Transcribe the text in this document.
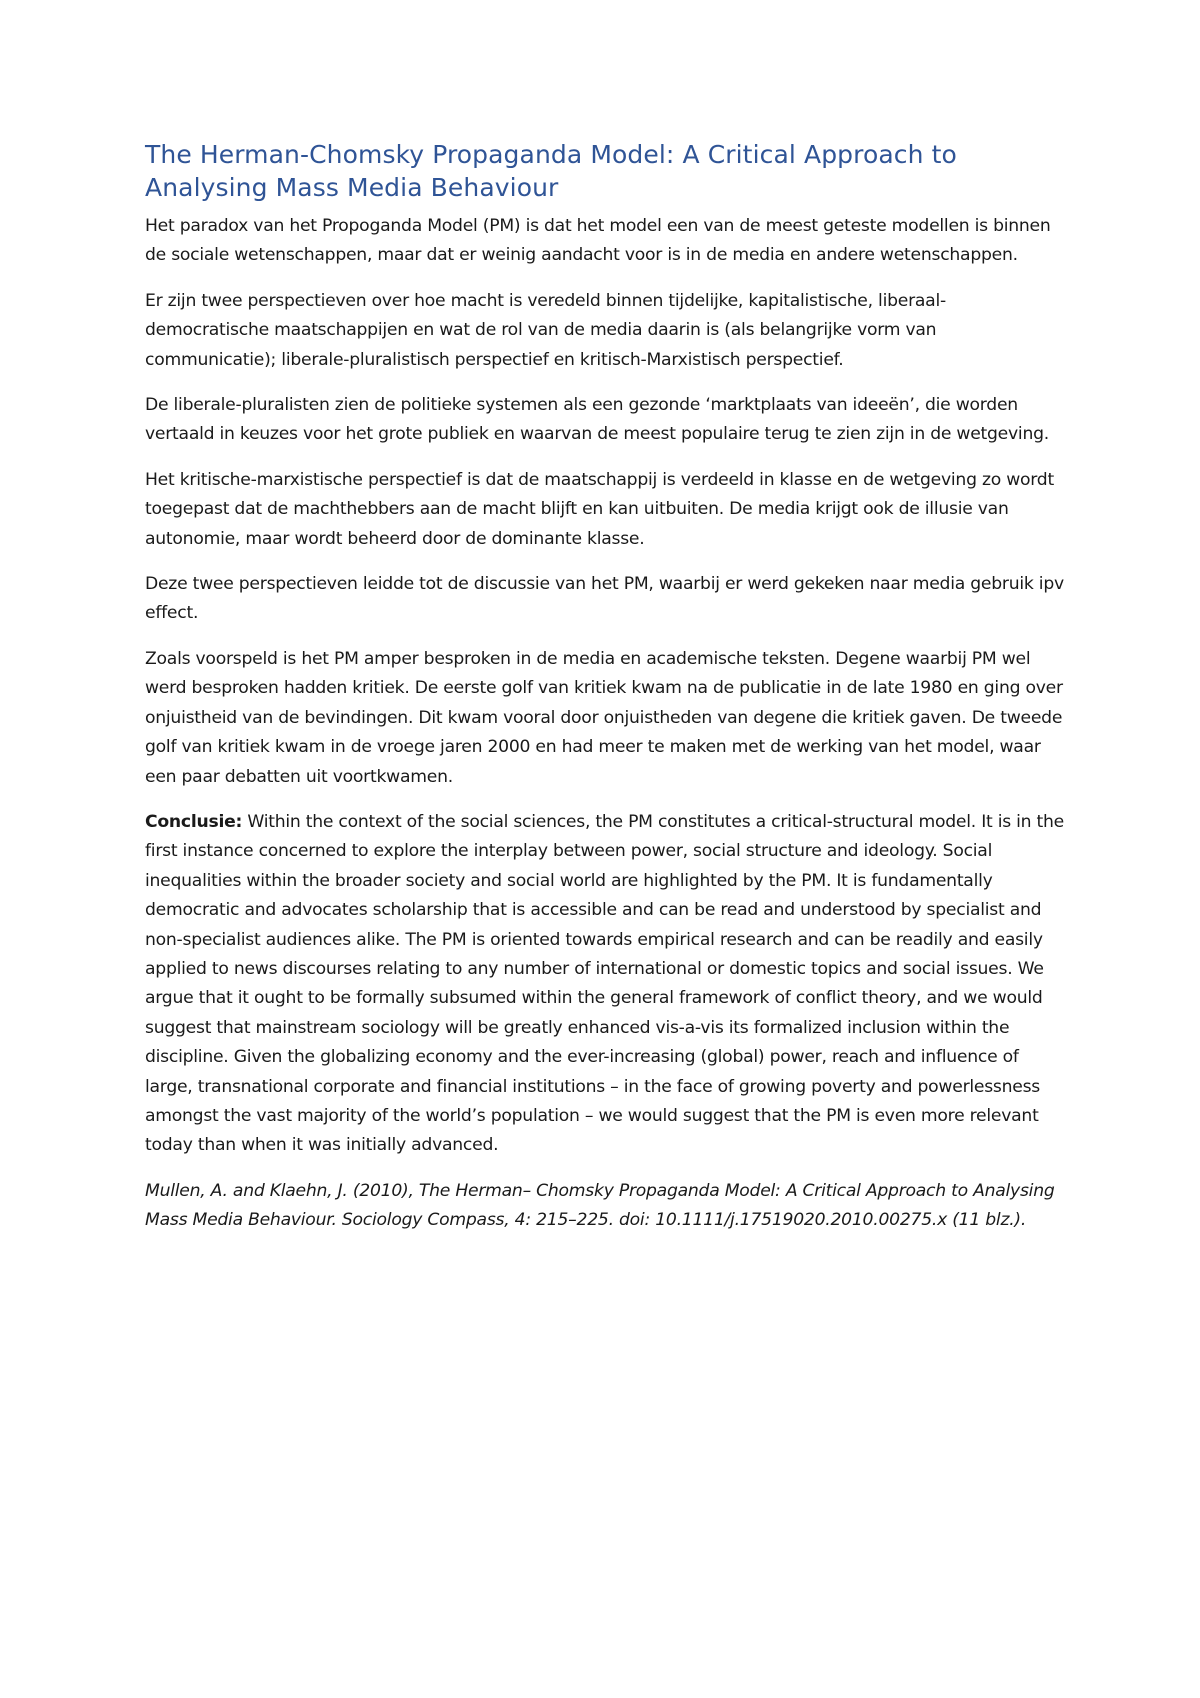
The Herman-Chomsky Propaganda Model: A Critical Approach to Analysing Mass Media Behaviour

Het paradox van het Propoganda Model (PM) is dat het model een van de meest geteste modellen is binnen de sociale wetenschappen, maar dat er weinig aandacht voor is in de media en andere wetenschappen.

Er zijn twee perspectieven over hoe macht is veredeld binnen tijdelijke, kapitalistische, liberaal-democratische maatschappijen en wat de rol van de media daarin is (als belangrijke vorm van communicatie); liberale-pluralistisch perspectief en kritisch-Marxistisch perspectief.

De liberale-pluralisten zien de politieke systemen als een gezonde ‘marktplaats van ideeën’, die worden vertaald in keuzes voor het grote publiek en waarvan de meest populaire terug te zien zijn in de wetgeving.

Het kritische-marxistische perspectief is dat de maatschappij is verdeeld in klasse en de wetgeving zo wordt toegepast dat de machthebbers aan de macht blijft en kan uitbuiten. De media krijgt ook de illusie van autonomie, maar wordt beheerd door de dominante klasse.

Deze twee perspectieven leidde tot de discussie van het PM, waarbij er werd gekeken naar media gebruik ipv effect.

Zoals voorspeld is het PM amper besproken in de media en academische teksten. Degene waarbij PM wel werd besproken hadden kritiek. De eerste golf van kritiek kwam na de publicatie in de late 1980 en ging over onjuistheid van de bevindingen. Dit kwam vooral door onjuistheden van degene die kritiek gaven. De tweede golf van kritiek kwam in de vroege jaren 2000 en had meer te maken met de werking van het model, waar een paar debatten uit voortkwamen.

Conclusie: Within the context of the social sciences, the PM constitutes a critical-structural model. It is in the first instance concerned to explore the interplay between power, social structure and ideology. Social inequalities within the broader society and social world are highlighted by the PM. It is fundamentally democratic and advocates scholarship that is accessible and can be read and understood by specialist and non-specialist audiences alike. The PM is oriented towards empirical research and can be readily and easily applied to news discourses relating to any number of international or domestic topics and social issues. We argue that it ought to be formally subsumed within the general framework of conflict theory, and we would suggest that mainstream sociology will be greatly enhanced vis-a-vis its formalized inclusion within the discipline. Given the globalizing economy and the ever-increasing (global) power, reach and influence of large, transnational corporate and financial institutions – in the face of growing poverty and powerlessness amongst the vast majority of the world’s population – we would suggest that the PM is even more relevant today than when it was initially advanced.

Mullen, A. and Klaehn, J. (2010), The Herman– Chomsky Propaganda Model: A Critical Approach to Analysing Mass Media Behaviour. Sociology Compass, 4: 215–225. doi: 10.1111/j.17519020.2010.00275.x (11 blz.).
